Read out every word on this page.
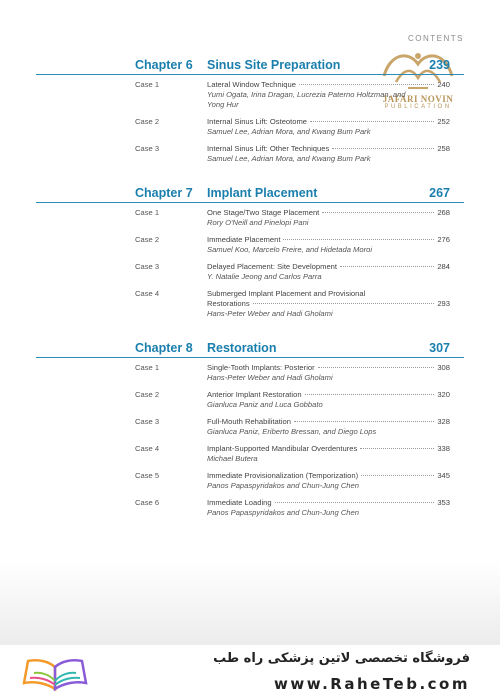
CONTENTS
JAFARI NOVIN
PUBLICATION
Chapter 6 Sinus Site Preparation	239
Case 1	Lateral Window Technique	240
Yumi Ogata, Irina Dragan, Lucrezia Paterno Holtzman, and
Yong Hur
Case 2	Internal Sinus Lift: Osteotome	252
Samuel Lee, Adrian Mora, and Kwang Bum Park
Case 3	Internal Sinus Lift: Other Techniques	258
Samuel Lee, Adrian Mora, and Kwang Bum Park
Chapter 7 Implant Placement	267
Case 1	One Stage/Two Stage Placement	268
Rory O'Neill and Pinelopi Pani
Case 2	Immediate Placement	276
Samuel Koo, Marcelo Freire, and Hidetada Moroi
Case 3	Delayed Placement: Site Development	284
Y. Natalie Jeong and Carlos Parra
Case 4	Submerged Implant Placement and Provisional
Restorations	293
Hans-Peter Weber and Hadi Gholami
Chapter 8 Restoration	307
Case 1	Single-Tooth Implants: Posterior	308
Hans-Peter Weber and Hadi Gholami
Case 2	Anterior Implant Restoration	320
Gianluca Paniz and Luca Gobbato
Case 3	Full-Mouth Rehabilitation	328
Gianluca Paniz, Eriberto Bressan, and Diego Lops
Case 4	Implant-Supported Mandibular Overdentures	338
Michael Butera
Case 5	Immediate Provisionalization (Temporization)	345
Panos Papaspyridakos and Chun-Jung Chen
Case 6	Immediate Loading	353
Panos Papaspyridakos and Chun-Jung Chen
فروشگاه تخصصی لاتین پزشکی راه طب
www.RaheTeb.com
